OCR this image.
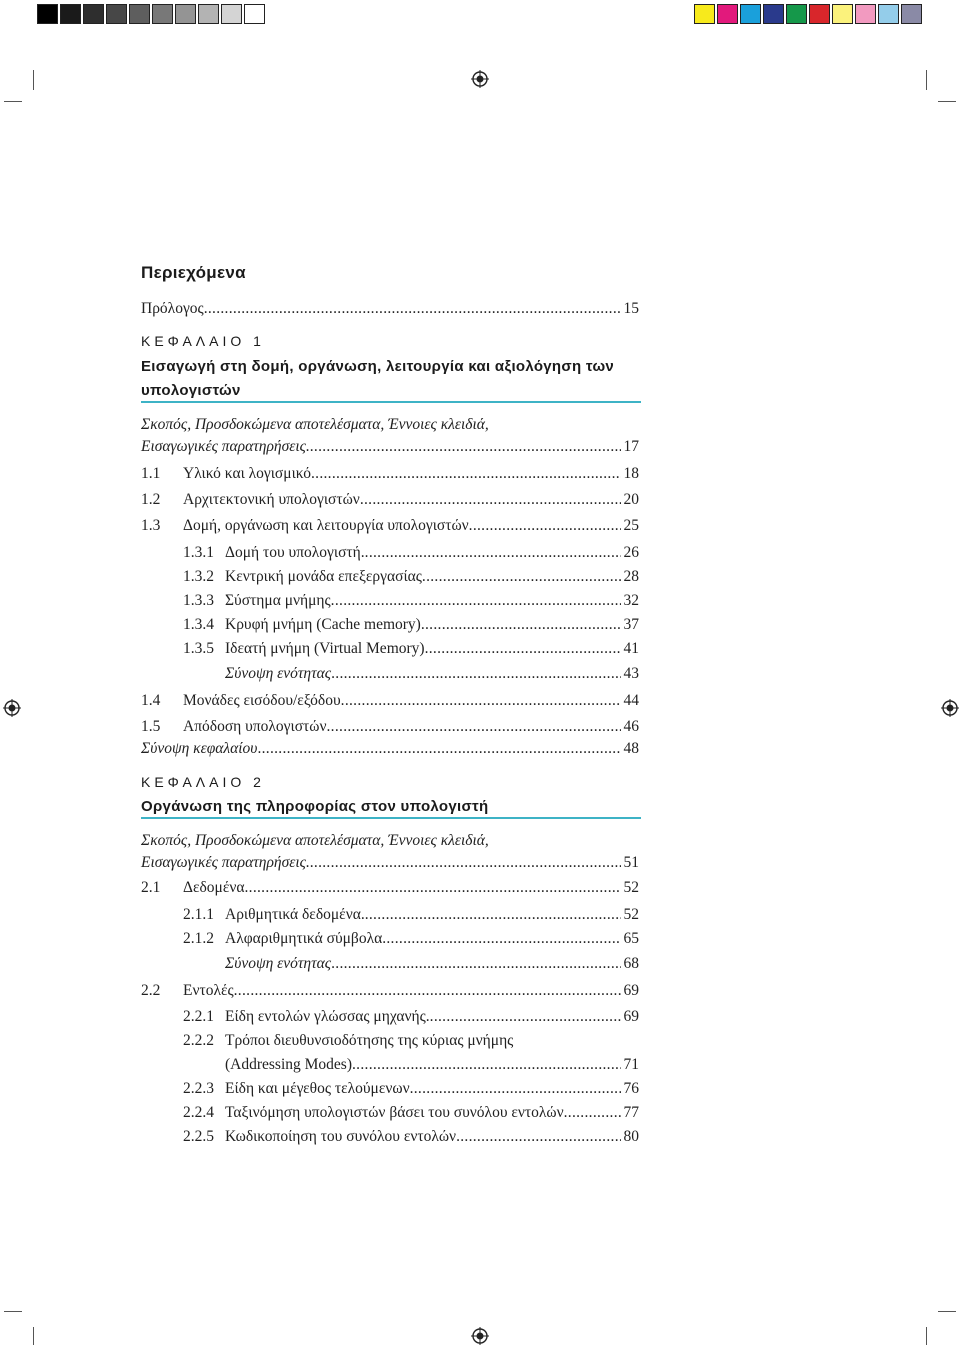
Περιεχόμενα
Πρόλογος .....	15
ΚΕΦΑΛΑΙΟ 1
Εισαγωγή στη δομή, οργάνωση, λειτουργία και αξιολόγηση των υπολογιστών
Σκοπός, Προσδοκώμενα αποτελέσματα, Έννοιες κλειδιά,
Εισαγωγικές παρατηρήσεις .....	17
1.1	Υλικό και λογισμικό .....	18
1.2	Αρχιτεκτονική υπολογιστών .....	20
1.3	Δομή, οργάνωση και λειτουργία υπολογιστών .....	25
1.3.1 Δομή του υπολογιστή. .....	26
1.3.2 Κεντρική μονάδα επεξεργασίας .....	28
1.3.3 Σύστημα μνήμης .....	32
1.3.4 Κρυφή μνήμη (Cache memory) .....	37
1.3.5 Ιδεατή μνήμη (Virtual Memory) .....	41
Σύνοψη ενότητας .....	43
1.4	Μονάδες εισόδου/εξόδου .....	44
1.5	Απόδοση υπολογιστών .....	46
Σύνοψη κεφαλαίου .....	48
ΚΕΦΑΛΑΙΟ 2
Οργάνωση της πληροφορίας στον υπολογιστή
Σκοπός, Προσδοκώμενα αποτελέσματα, Έννοιες κλειδιά,
Εισαγωγικές παρατηρήσεις .....	51
2.1	Δεδομένα .....	52
2.1.1 Αριθμητικά δεδομένα. .....	52
2.1.2 Αλφαριθμητικά σύμβολα .....	65
Σύνοψη ενότητας .....	68
2.2	Εντολές .....	69
2.2.1 Είδη εντολών γλώσσας μηχανής. .....	69
2.2.2 Τρόποι διευθυνσιοδότησης της κύριας μνήμης
(Addressing Modes) .....	71
2.2.3 Είδη και μέγεθος τελούμενων .....	76
2.2.4 Ταξινόμηση υπολογιστών βάσει του συνόλου εντολών .....	77
2.2.5 Κωδικοποίηση του συνόλου εντολών .....	80
